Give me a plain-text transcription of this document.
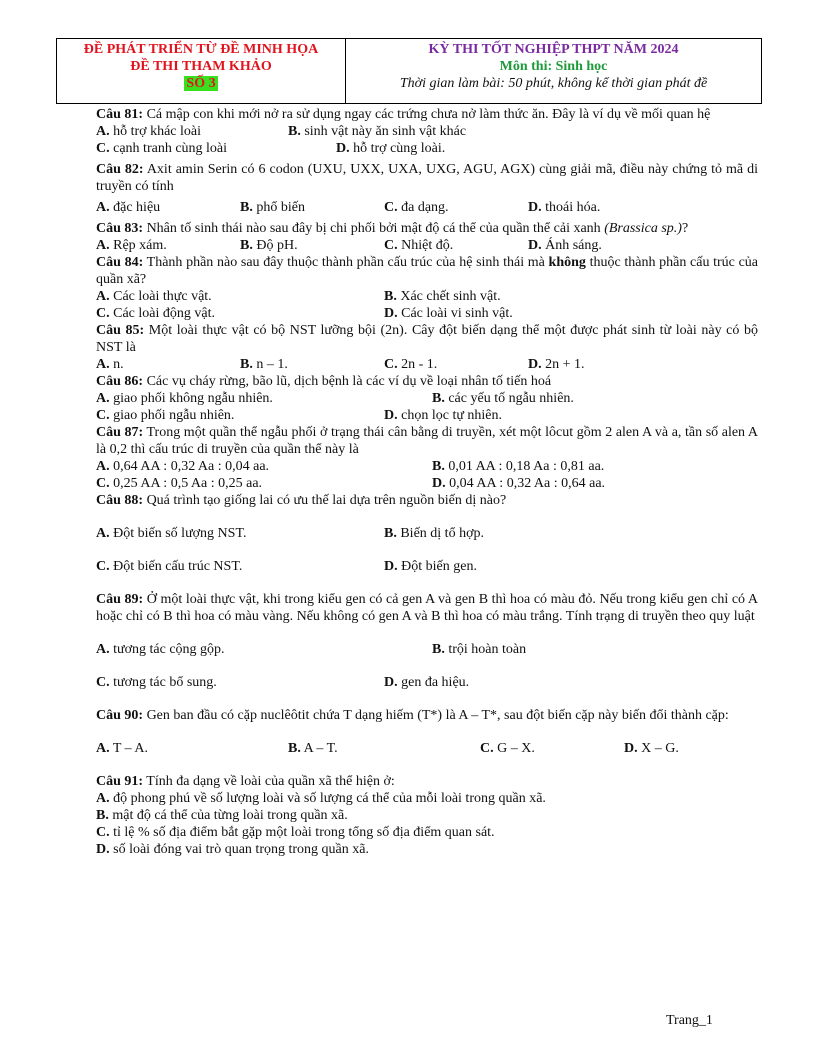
ĐỀ PHÁT TRIỂN TỪ ĐỀ MINH HỌA
ĐỀ THI THAM KHẢO
SỐ 3
KỲ THI TỐT NGHIỆP THPT NĂM 2024
Môn thi: Sinh học
Thời gian làm bài: 50 phút, không kể thời gian phát đề

Câu 81: Cá mập con khi mới nở ra sử dụng ngay các trứng chưa nở làm thức ăn. Đây là ví dụ về mối quan hệ

A. hỗ trợ khác loài	B. sinh vật này ăn sinh vật khác
C. cạnh tranh cùng loài	D. hỗ trợ cùng loài.

Câu 82: Axit amin Serin có 6 codon (UXU, UXX, UXA, UXG, AGU, AGX) cùng giải mã, điều này chứng tỏ mã di truyền có tính

A. đặc hiệu	B. phổ biến	C. đa dạng.	D. thoái hóa.

Câu 83: Nhân tố sinh thái nào sau đây bị chi phối bởi mật độ cá thể của quần thể cải xanh (Brassica sp.)?

A. Rệp xám.	B. Độ pH.	C. Nhiệt độ.	D. Ánh sáng.

Câu 84: Thành phần nào sau đây thuộc thành phần cấu trúc của hệ sinh thái mà không thuộc thành phần cấu trúc của quần xã?

A. Các loài thực vật.	B. Xác chết sinh vật.
C. Các loài động vật.	D. Các loài vi sinh vật.

Câu 85: Một loài thực vật có bộ NST lưỡng bội (2n). Cây đột biến dạng thể một được phát sinh từ loài này có bộ NST là

A. n.	B. n – 1.	C. 2n - 1.	D. 2n + 1.

Câu 86: Các vụ cháy rừng, bão lũ, dịch bệnh là các ví dụ về loại nhân tố tiến hoá

A. giao phối không ngẫu nhiên.	B. các yếu tố ngẫu nhiên.
C. giao phối ngẫu nhiên.	D. chọn lọc tự nhiên.

Câu 87: Trong một quần thể ngẫu phối ở trạng thái cân bằng di truyền, xét một lôcut gồm 2 alen A và a, tần số alen A là 0,2 thì cấu trúc di truyền của quần thể này là

A. 0,64 AA : 0,32 Aa : 0,04 aa.	B. 0,01 AA : 0,18 Aa : 0,81 aa.
C. 0,25 AA : 0,5 Aa : 0,25 aa.	D. 0,04 AA : 0,32 Aa : 0,64 aa.

Câu 88: Quá trình tạo giống lai có ưu thế lai dựa trên nguồn biến dị nào?

A. Đột biến số lượng NST.	B. Biến dị tổ hợp.
C. Đột biến cấu trúc NST.	D. Đột biến gen.

Câu 89: Ở một loài thực vật, khi trong kiểu gen có cả gen A và gen B thì hoa có màu đỏ. Nếu trong kiểu gen chỉ có A hoặc chỉ có B thì hoa có màu vàng. Nếu không có gen A và B thì hoa có màu trắng. Tính trạng di truyền theo quy luật

A. tương tác cộng gộp.	B. trội hoàn toàn
C. tương tác bổ sung.	D. gen đa hiệu.

Câu 90: Gen ban đầu có cặp nuclêôtit chứa T dạng hiếm (T*) là A – T*, sau đột biến cặp này biến đổi thành cặp:

A. T – A.	B. A – T.	C. G – X.	D. X – G.

Câu 91: Tính đa dạng về loài của quần xã thể hiện ở:

A. độ phong phú về số lượng loài và số lượng cá thể của mỗi loài trong quần xã.
B. mật độ cá thể của từng loài trong quần xã.
C. tỉ lệ % số địa điểm bắt gặp một loài trong tổng số địa điểm quan sát.
D. số loài đóng vai trò quan trọng trong quần xã.
Trang_1
